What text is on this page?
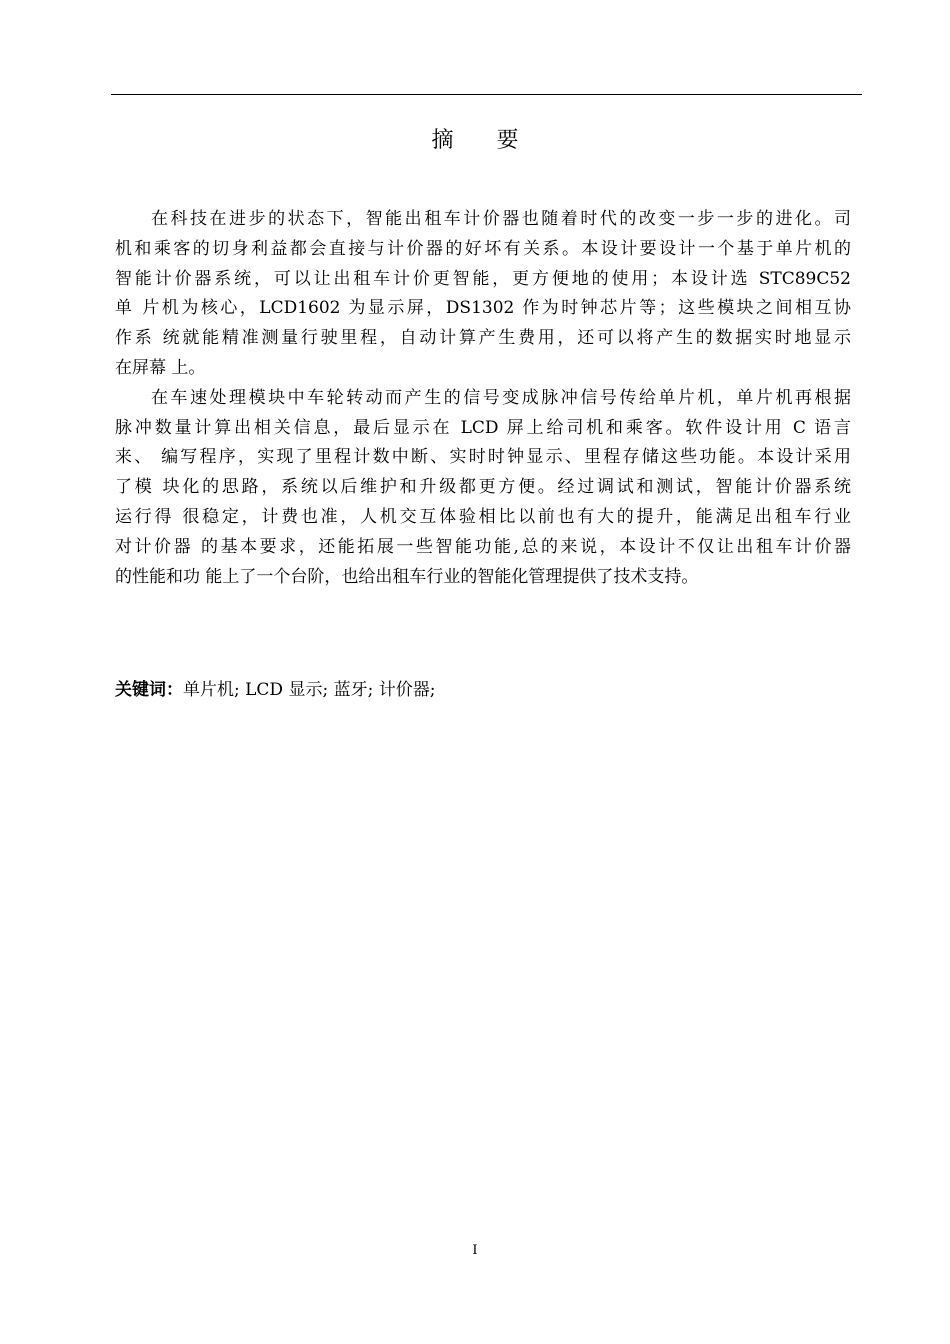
摘 要
在科技在进步的状态下，智能出租车计价器也随着时代的改变一步一步的进化。司
机和乘客的切身利益都会直接与计价器的好坏有关系。本设计要设计一个基于单片机的
智能计价器系统，可以让出租车计价更智能，更方便地的使用；本设计选 STC89C52
单 片机为核心，LCD1602 为显示屏，DS1302 作为时钟芯片等；这些模块之间相互协
作系 统就能精准测量行驶里程，自动计算产生费用，还可以将产生的数据实时地显示
在屏幕 上。
在车速处理模块中车轮转动而产生的信号变成脉冲信号传给单片机，单片机再根据
脉冲数量计算出相关信息，最后显示在 LCD 屏上给司机和乘客。软件设计用 C 语言
来、 编写程序，实现了里程计数中断、实时时钟显示、里程存储这些功能。本设计采用
了模 块化的思路，系统以后维护和升级都更方便。经过调试和测试，智能计价器系统
运行得 很稳定，计费也准，人机交互体验相比以前也有大的提升，能满足出租车行业
对计价器 的基本要求，还能拓展一些智能功能,总的来说，本设计不仅让出租车计价器
的性能和功 能上了一个台阶，也给出租车行业的智能化管理提供了技术支持。
关键词：单片机; LCD 显示; 蓝牙; 计价器;
I
